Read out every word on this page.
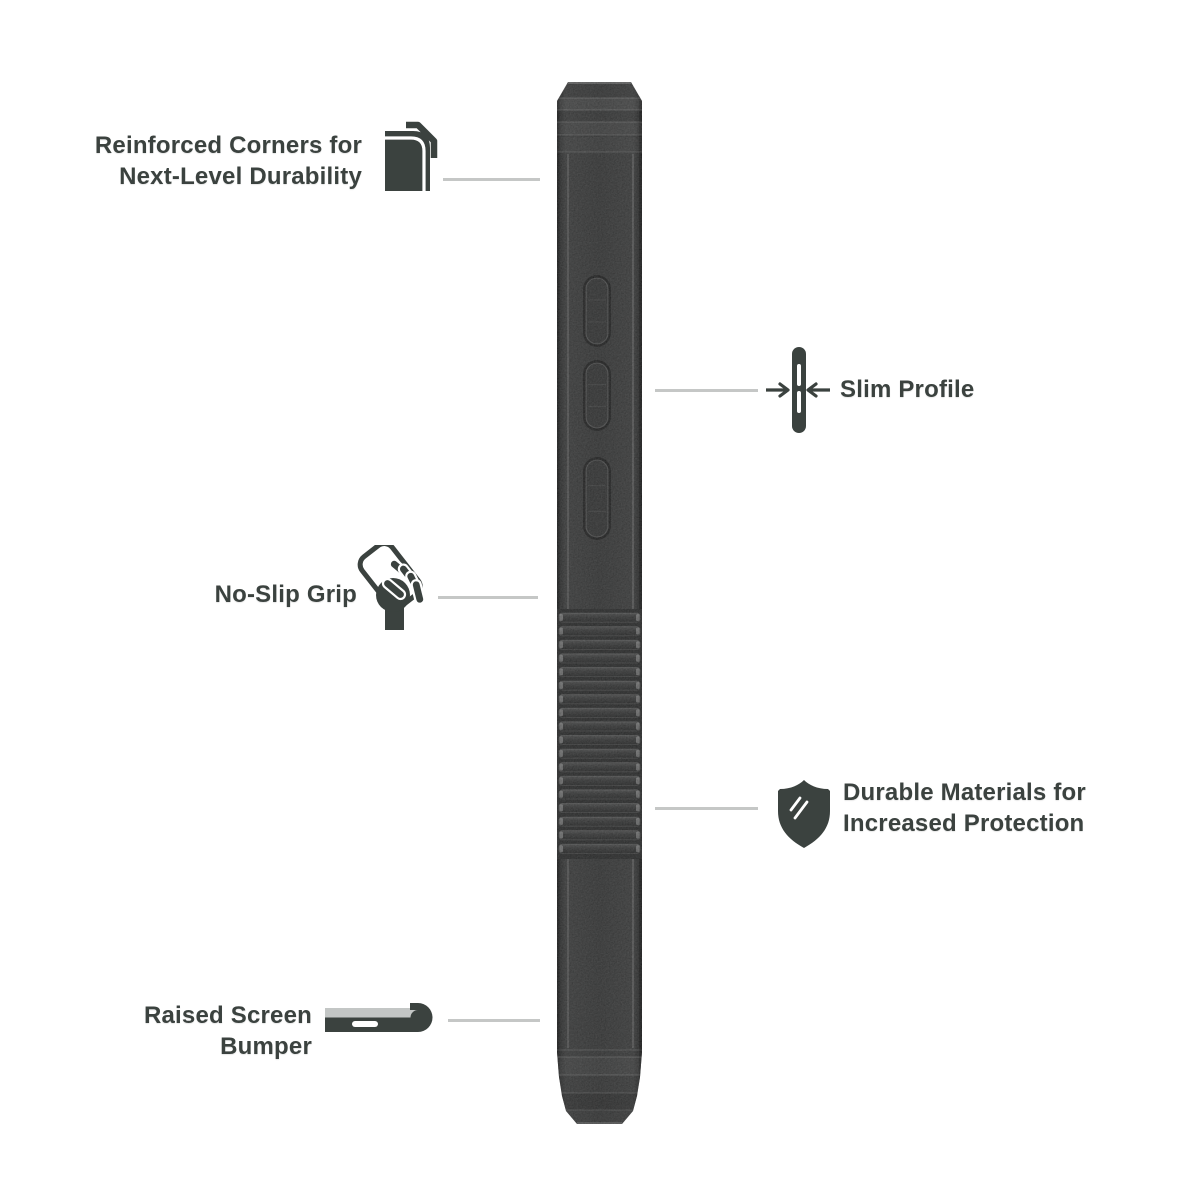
Reinforced Corners for
Next-Level Durability
Slim Profile
No-Slip Grip
Durable Materials for
Increased Protection
Raised Screen
Bumper
